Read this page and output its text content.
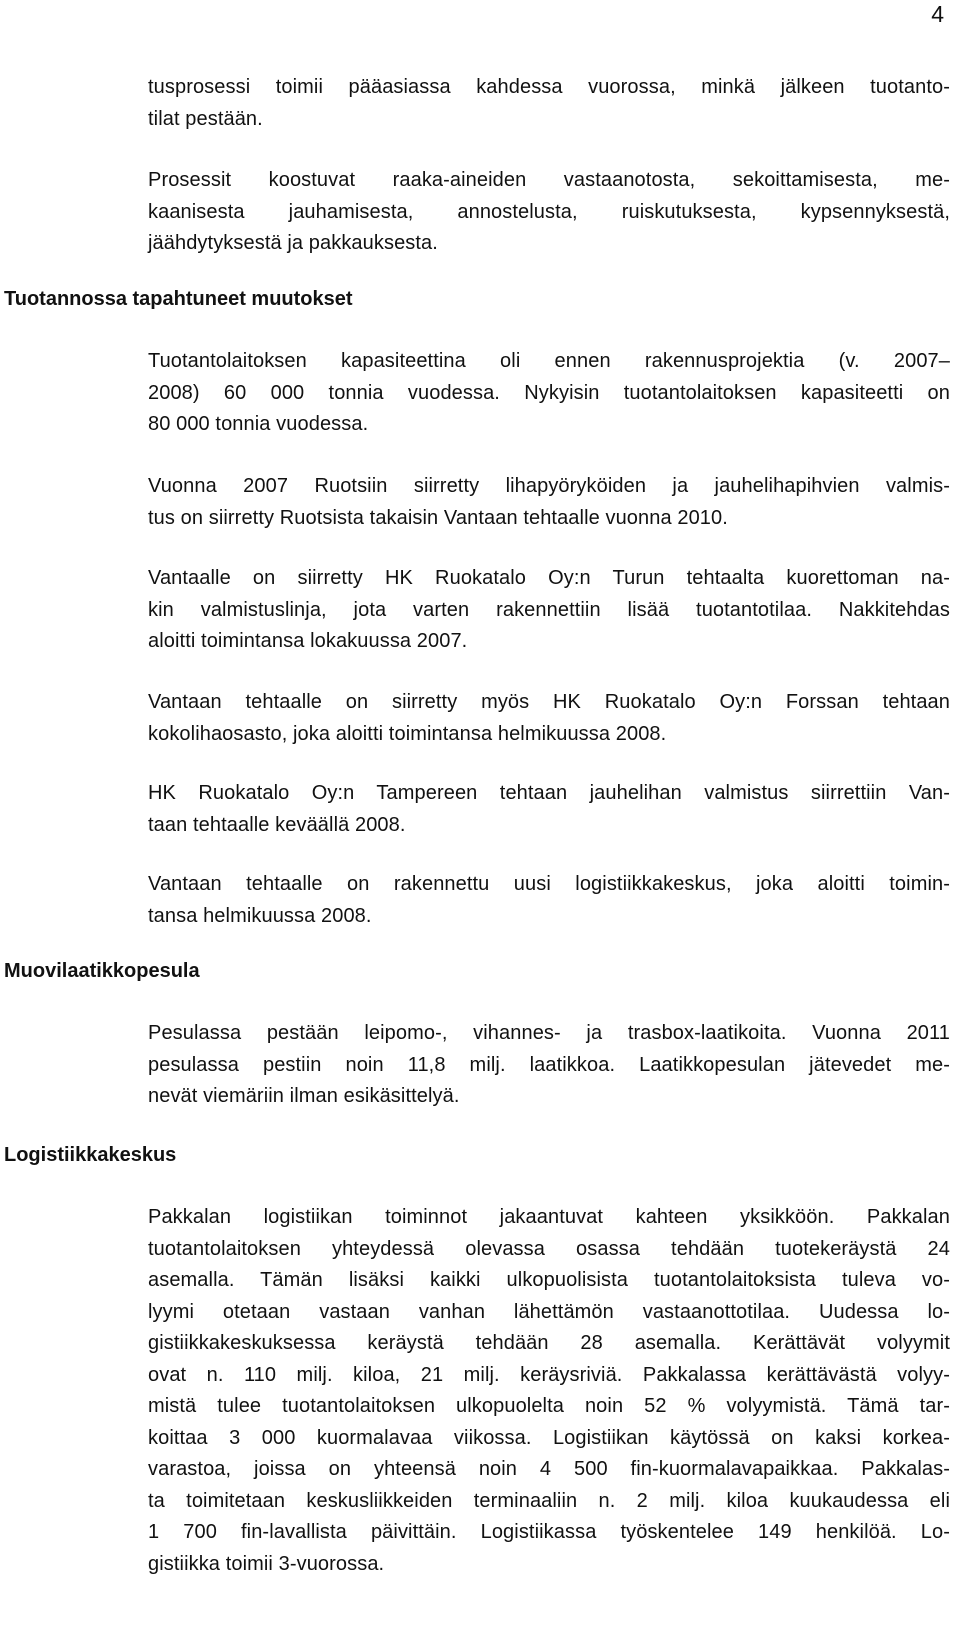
4
tusprosessi toimii pääasiassa kahdessa vuorossa, minkä jälkeen tuotanto-
tilat pestään.
Prosessit koostuvat raaka-aineiden vastaanotosta, sekoittamisesta, me-
kaanisesta jauhamisesta, annostelusta, ruiskutuksesta, kypsennyksestä,
jäähdytyksestä ja pakkauksesta.
Tuotannossa tapahtuneet muutokset
Tuotantolaitoksen kapasiteettina oli ennen rakennusprojektia (v. 2007–
2008) 60 000 tonnia vuodessa. Nykyisin tuotantolaitoksen kapasiteetti on
80 000 tonnia vuodessa.
Vuonna 2007 Ruotsiin siirretty lihapyöryköiden ja jauhelihapihvien valmis-
tus on siirretty Ruotsista takaisin Vantaan tehtaalle vuonna 2010.
Vantaalle on siirretty HK Ruokatalo Oy:n Turun tehtaalta kuorettoman na-
kin valmistuslinja, jota varten rakennettiin lisää tuotantotilaa. Nakkitehdas
aloitti toimintansa lokakuussa 2007.
Vantaan tehtaalle on siirretty myös HK Ruokatalo Oy:n Forssan tehtaan
kokolihaosasto, joka aloitti toimintansa helmikuussa 2008.
HK Ruokatalo Oy:n Tampereen tehtaan jauhelihan valmistus siirrettiin Van-
taan tehtaalle keväällä 2008.
Vantaan tehtaalle on rakennettu uusi logistiikkakeskus, joka aloitti toimin-
tansa helmikuussa 2008.
Muovilaatikkopesula
Pesulassa pestään leipomo-, vihannes- ja trasbox-laatikoita. Vuonna 2011
pesulassa pestiin noin 11,8 milj. laatikkoa. Laatikkopesulan jätevedet me-
nevät viemäriin ilman esikäsittelyä.
Logistiikkakeskus
Pakkalan logistiikan toiminnot jakaantuvat kahteen yksikköön. Pakkalan
tuotantolaitoksen yhteydessä olevassa osassa tehdään tuotekeräystä 24
asemalla. Tämän lisäksi kaikki ulkopuolisista tuotantolaitoksista tuleva vo-
lyymi otetaan vastaan vanhan lähettämön vastaanottotilaa. Uudessa lo-
gistiikkakeskuksessa keräystä tehdään 28 asemalla. Kerättävät volyymit
ovat n. 110 milj. kiloa, 21 milj. keräysriviä. Pakkalassa kerättävästä volyy-
mistä tulee tuotantolaitoksen ulkopuolelta noin 52 % volyymistä. Tämä tar-
koittaa 3 000 kuormalavaa viikossa. Logistiikan käytössä on kaksi korkea-
varastoa, joissa on yhteensä noin 4 500 fin-kuormalavapaikkaa. Pakkalas-
ta toimitetaan keskusliikkeiden terminaaliin n. 2 milj. kiloa kuukaudessa eli
1 700 fin-lavallista päivittäin. Logistiikassa työskentelee 149 henkilöä. Lo-
gistiikka toimii 3-vuorossa.
